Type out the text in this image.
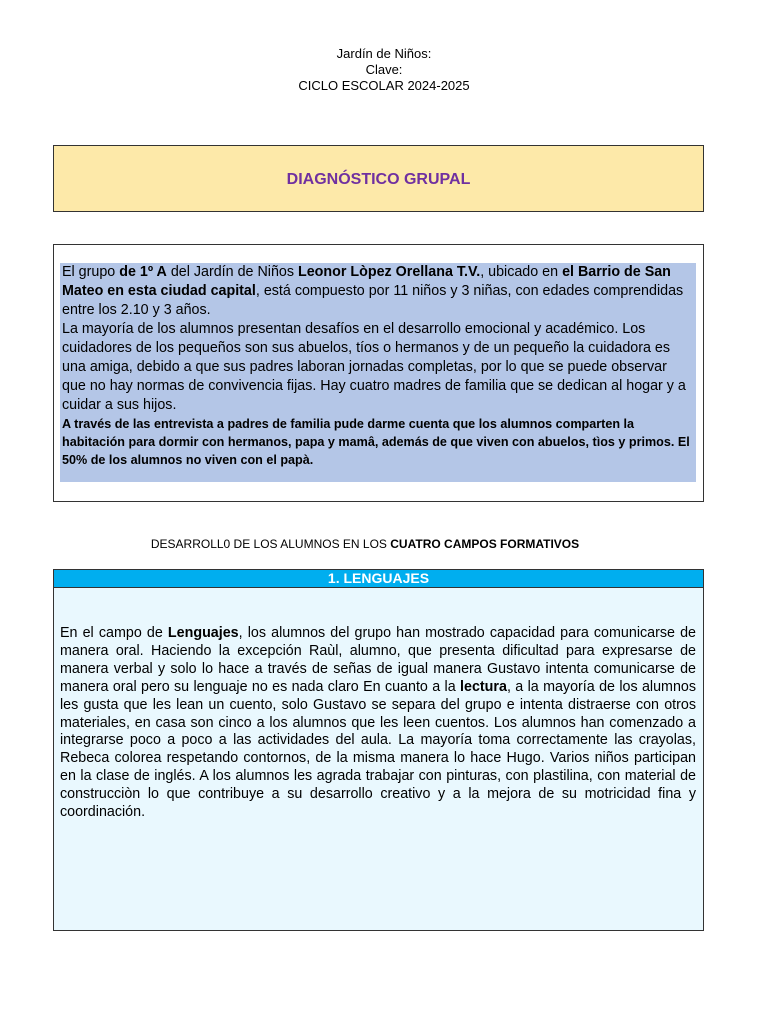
Jardín de Niños:
Clave:
CICLO ESCOLAR 2024-2025
DIAGNÓSTICO GRUPAL

El grupo de 1º A del Jardín de Niños Leonor Lòpez Orellana T.V., ubicado en el Barrio de San Mateo en esta ciudad capital, está compuesto por 11 niños y 3 niñas, con edades comprendidas entre los 2.10 y 3 años.

La mayoría de los alumnos presentan desafíos en el desarrollo emocional y académico. Los cuidadores de los pequeños son sus abuelos, tíos o hermanos y de un pequeño la cuidadora es una amiga, debido a que sus padres laboran jornadas completas, por lo que se puede observar que no hay normas de convivencia fijas. Hay cuatro madres de familia que se dedican al hogar y a cuidar a sus hijos.

A través de las entrevista a padres de familia pude darme cuenta que los alumnos comparten la habitación para dormir con hermanos, papa y mamâ, además de que viven con abuelos, tìos y primos. El 50% de los alumnos no viven con el papà.

DESARROLL0 DE LOS ALUMNOS EN LOS CUATRO CAMPOS FORMATIVOS
1. LENGUAJES

En el campo de Lenguajes, los alumnos del grupo han mostrado capacidad para comunicarse de manera oral. Haciendo la excepción Raùl, alumno, que presenta dificultad para expresarse de manera verbal y solo lo hace a través de señas de igual manera Gustavo intenta comunicarse de manera oral pero su lenguaje no es nada claro En cuanto a la lectura, a la mayoría de los alumnos les gusta que les lean un cuento, solo Gustavo se separa del grupo e intenta distraerse con otros materiales, en casa son cinco a los alumnos que les leen cuentos. Los alumnos han comenzado a integrarse poco a poco a las actividades del aula. La mayoría toma correctamente las crayolas, Rebeca colorea respetando contornos, de la misma manera lo hace Hugo. Varios niños participan en la clase de inglés. A los alumnos les agrada trabajar con pinturas, con plastilina, con material de construcciòn lo que contribuye a su desarrollo creativo y a la mejora de su motricidad fina y coordinación.
